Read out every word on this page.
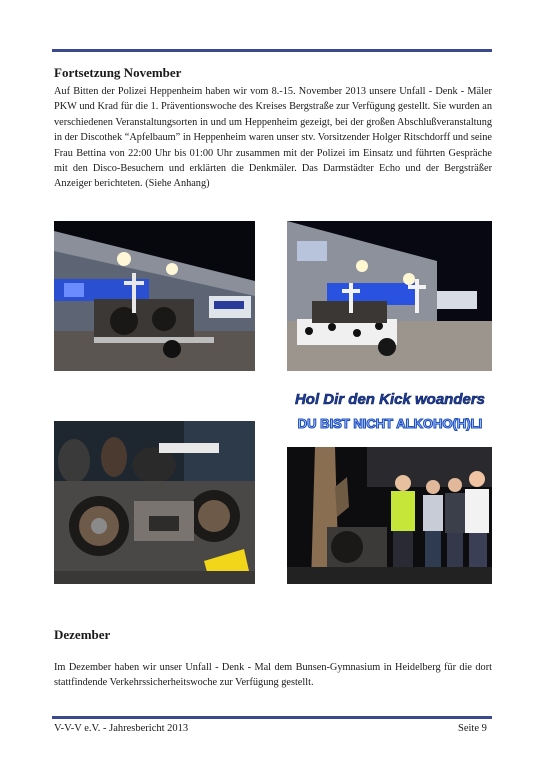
Fortsetzung November

Auf Bitten der Polizei Heppenheim haben wir vom 8.-15. November 2013 unsere Unfall - Denk - Mäler PKW und Krad für die 1. Präventionswoche des Kreises Bergstraße zur Verfügung gestellt. Sie wurden an verschiedenen Veranstaltungsorten in und um Heppenheim gezeigt, bei der großen Abschlußveranstaltung in der Discothek “Apfelbaum” in Heppenheim waren unser stv. Vorsitzender Holger Ritschdorff und seine Frau Bettina von 22:00 Uhr bis 01:00 Uhr zusammen mit der Polizei im Einsatz und führten Gespräche mit den Disco-Besuchern und erklärten die Denkmäler. Das Darmstädter Echo und der Bergsträßer Anzeiger berichteten. (Siehe Anhang)

Hol Dir den Kick woanders
DU BIST NICHT ALKOHO(H)LI
Dezember

Im Dezember haben wir unser Unfall - Denk - Mal dem Bunsen-Gymnasium in Heidelberg für die dort stattfindende Verkehrssicherheitswoche zur Verfügung gestellt.

V-V-V e.V. - Jahresbericht 2013	Seite 9
